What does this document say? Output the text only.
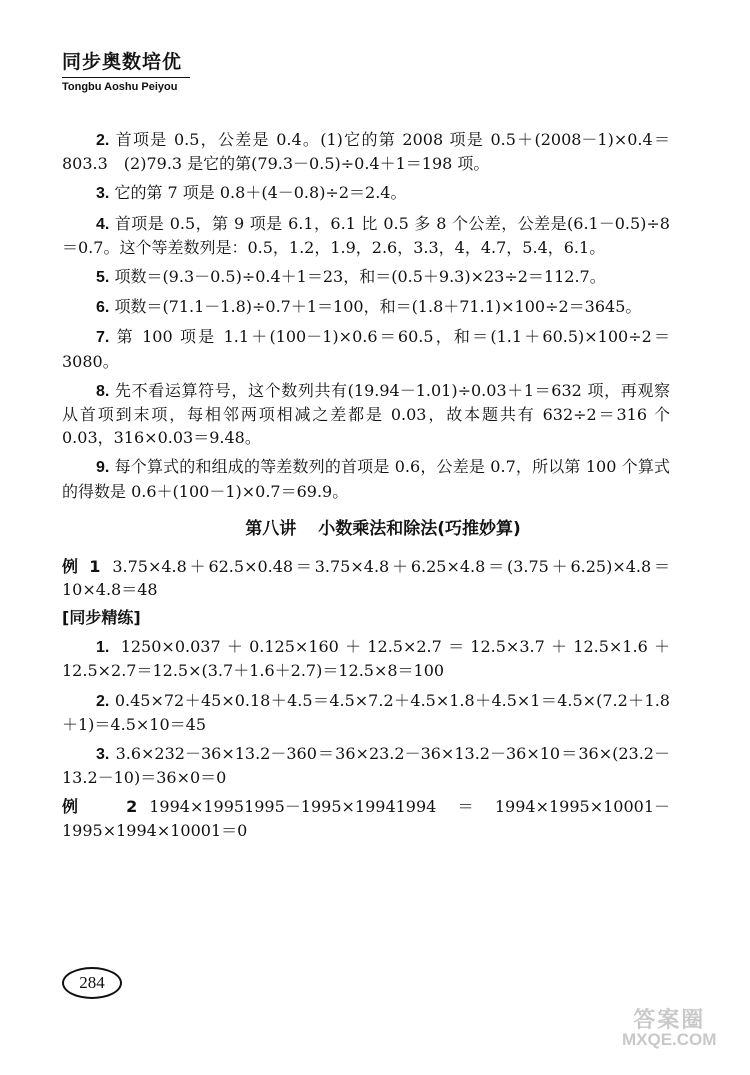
同步奥数培优
Tongbu Aoshu Peiyou
2. 首项是 0.5，公差是 0.4。(1)它的第 2008 项是 0.5＋(2008－1)×0.4＝803.3　(2)79.3 是它的第(79.3－0.5)÷0.4＋1＝198 项。
3. 它的第 7 项是 0.8＋(4－0.8)÷2＝2.4。
4. 首项是 0.5，第 9 项是 6.1，6.1 比 0.5 多 8 个公差，公差是(6.1－0.5)÷8＝0.7。这个等差数列是：0.5，1.2，1.9，2.6，3.3，4，4.7，5.4，6.1。
5. 项数＝(9.3－0.5)÷0.4＋1＝23，和＝(0.5＋9.3)×23÷2＝112.7。
6. 项数＝(71.1－1.8)÷0.7＋1＝100，和＝(1.8＋71.1)×100÷2＝3645。
7. 第 100 项是 1.1＋(100－1)×0.6＝60.5，和＝(1.1＋60.5)×100÷2＝3080。
8. 先不看运算符号，这个数列共有(19.94－1.01)÷0.03＋1＝632 项，再观察从首项到末项，每相邻两项相减之差都是 0.03，故本题共有 632÷2＝316 个 0.03，316×0.03＝9.48。
9. 每个算式的和组成的等差数列的首项是 0.6，公差是 0.7，所以第 100 个算式的得数是 0.6＋(100－1)×0.7＝69.9。
第八讲 小数乘法和除法(巧推妙算)
例 1 3.75×4.8＋62.5×0.48＝3.75×4.8＋6.25×4.8＝(3.75＋6.25)×4.8＝10×4.8＝48
[同步精练]
1. 1250×0.037＋0.125×160＋12.5×2.7＝12.5×3.7＋12.5×1.6＋12.5×2.7＝12.5×(3.7＋1.6＋2.7)＝12.5×8＝100
2. 0.45×72＋45×0.18＋4.5＝4.5×7.2＋4.5×1.8＋4.5×1＝4.5×(7.2＋1.8＋1)＝4.5×10＝45
3. 3.6×232－36×13.2－360＝36×23.2－36×13.2－36×10＝36×(23.2－13.2－10)＝36×0＝0
例 2 1994×19951995－1995×19941994＝1994×1995×10001－1995×1994×10001＝0
284
答案圈
MXQE.COM
